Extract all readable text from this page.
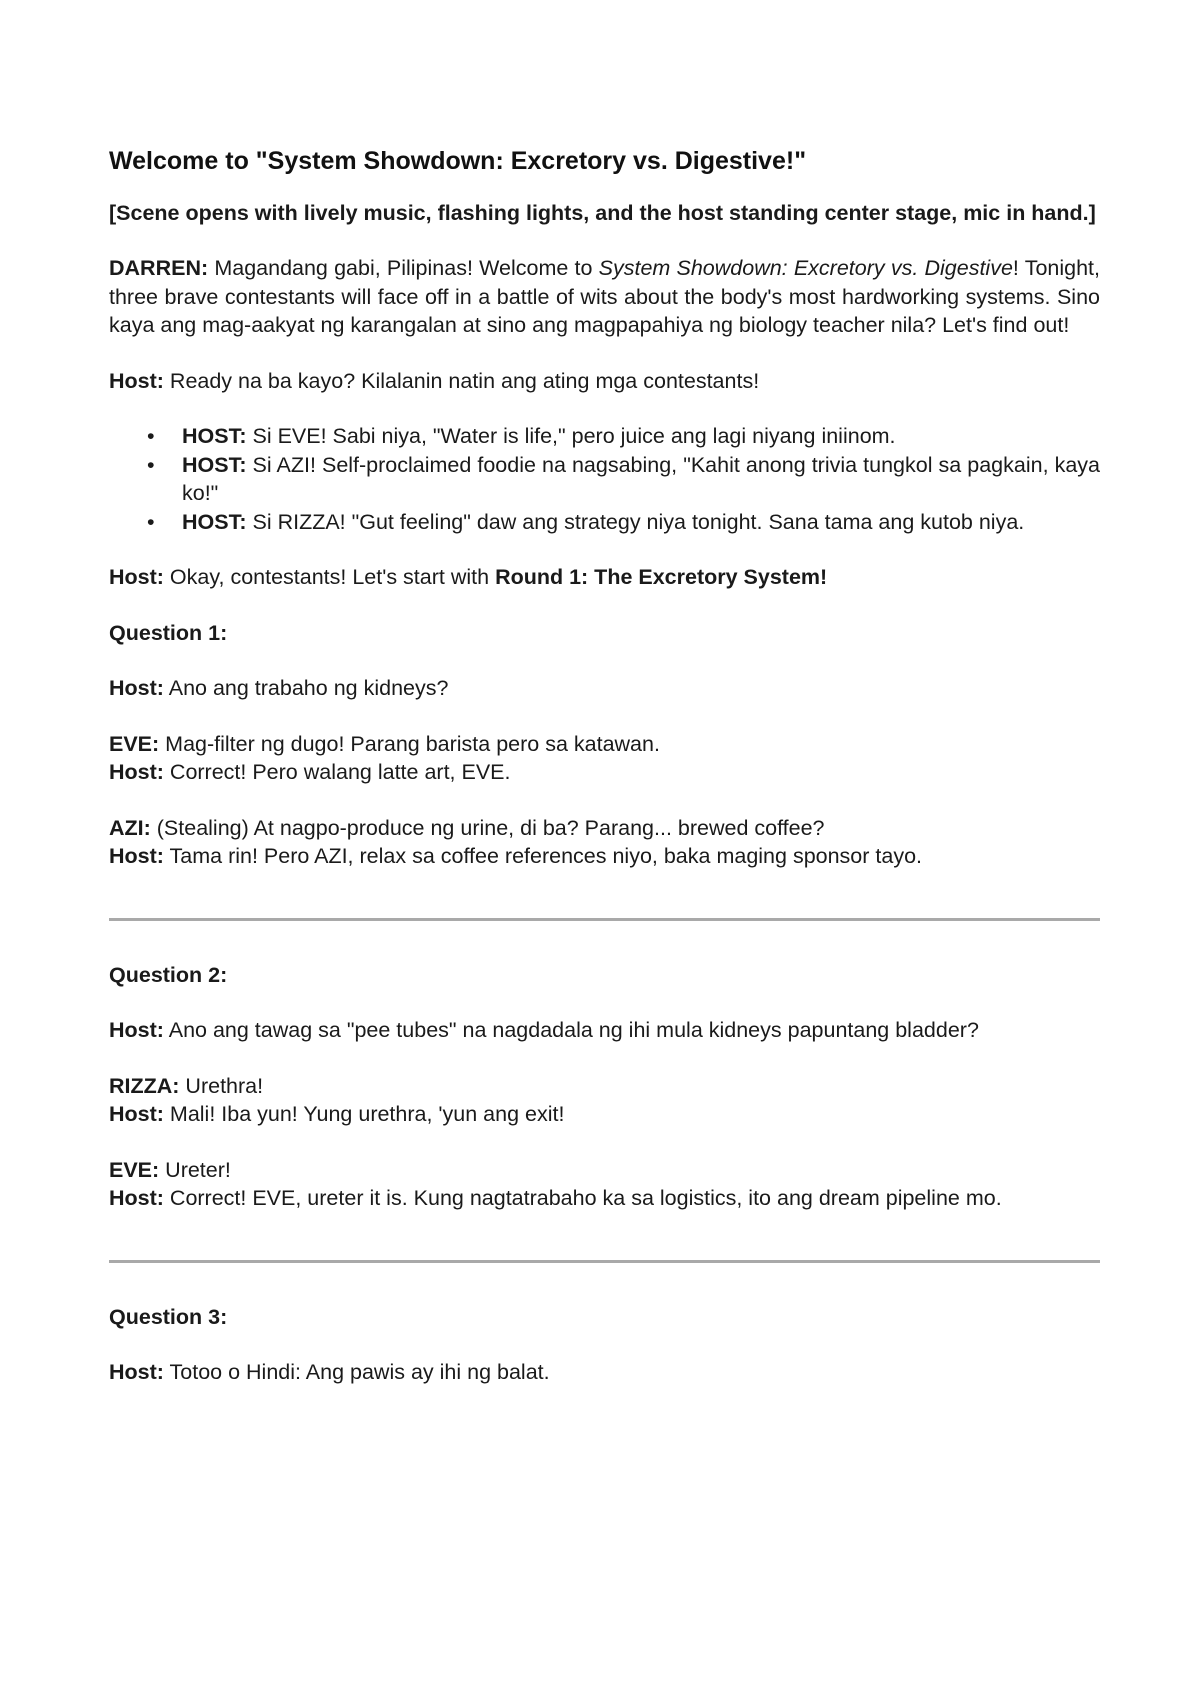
Welcome to "System Showdown: Excretory vs. Digestive!"
[Scene opens with lively music, flashing lights, and the host standing center stage, mic in hand.]

DARREN: Magandang gabi, Pilipinas! Welcome to System Showdown: Excretory vs. Digestive! Tonight, three brave contestants will face off in a battle of wits about the body's most hardworking systems. Sino kaya ang mag-aakyat ng karangalan at sino ang magpapahiya ng biology teacher nila? Let's find out!

Host: Ready na ba kayo? Kilalanin natin ang ating mga contestants!

• HOST: Si EVE! Sabi niya, "Water is life," pero juice ang lagi niyang iniinom.
• HOST: Si AZI! Self-proclaimed foodie na nagsabing, "Kahit anong trivia tungkol sa pagkain, kaya ko!"
• HOST: Si RIZZA! "Gut feeling" daw ang strategy niya tonight. Sana tama ang kutob niya.

Host: Okay, contestants! Let's start with Round 1: The Excretory System!

Question 1:

Host: Ano ang trabaho ng kidneys?

EVE: Mag-filter ng dugo! Parang barista pero sa katawan.

Host: Correct! Pero walang latte art, EVE.

AZI: (Stealing) At nagpo-produce ng urine, di ba? Parang... brewed coffee?

Host: Tama rin! Pero AZI, relax sa coffee references niyo, baka maging sponsor tayo.

Question 2:

Host: Ano ang tawag sa "pee tubes" na nagdadala ng ihi mula kidneys papuntang bladder?

RIZZA: Urethra!

Host: Mali! Iba yun! Yung urethra, 'yun ang exit!

EVE: Ureter!

Host: Correct! EVE, ureter it is. Kung nagtatrabaho ka sa logistics, ito ang dream pipeline mo.

Question 3:

Host: Totoo o Hindi: Ang pawis ay ihi ng balat.
